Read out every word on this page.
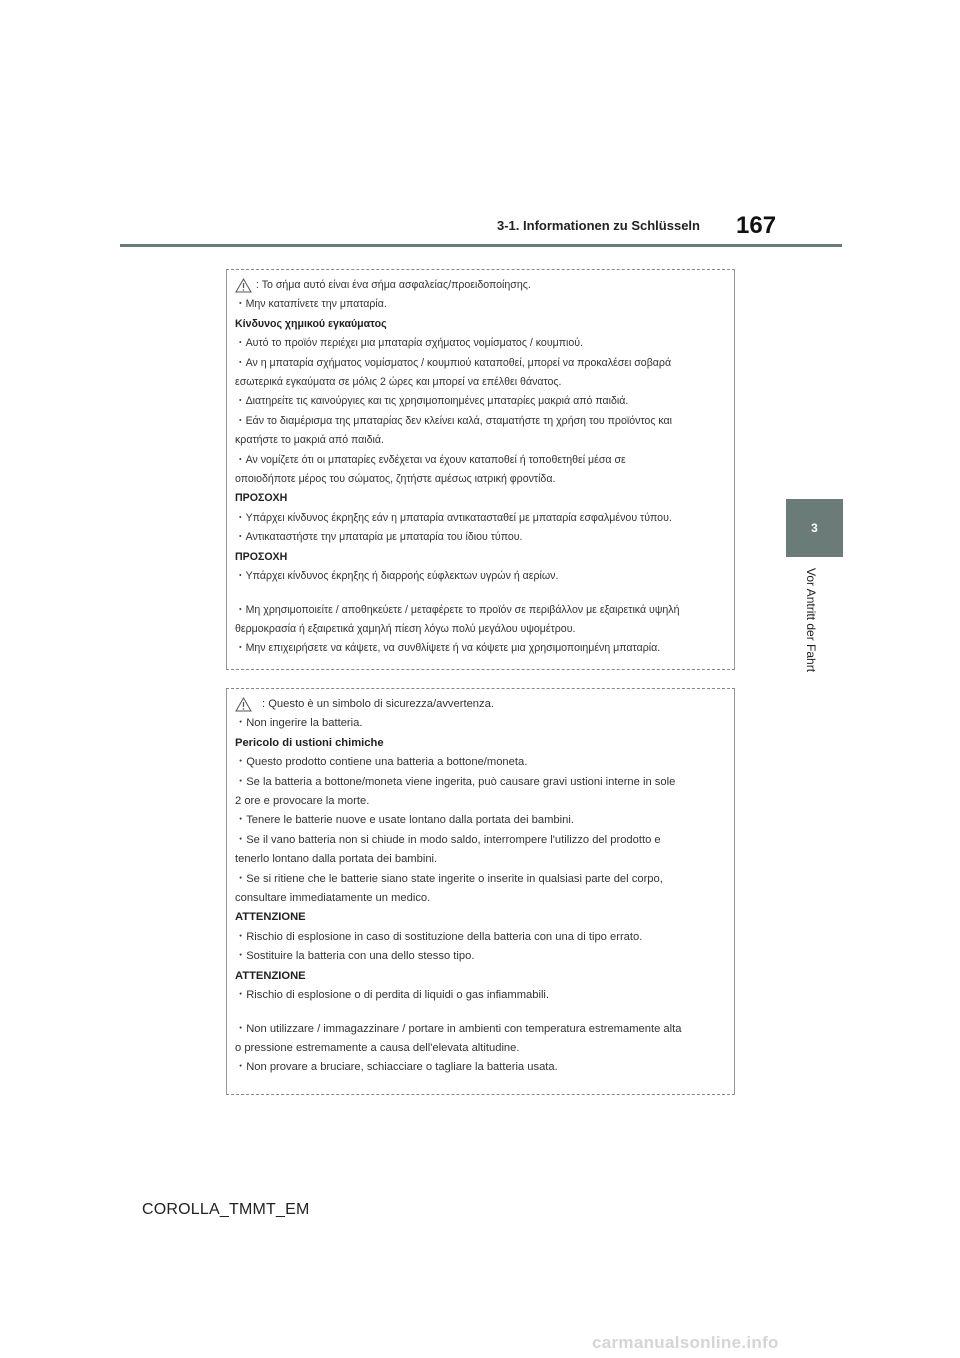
3-1. Informationen zu Schlüsseln 167
3
Vor Antritt der Fahrt
: Το σήμα αυτό είναι ένα σήμα ασφαλείας/προειδοποίησης.
・Μην καταπίνετε την μπαταρία.
Κίνδυνος χημικού εγκαύματος
・Αυτό το προϊόν περιέχει μια μπαταρία σχήματος νομίσματος / κουμπιού.
・Αν η μπαταρία σχήματος νομίσματος / κουμπιού καταποθεί, μπορεί να προκαλέσει σοβαρά
εσωτερικά εγκαύματα σε μόλις 2 ώρες και μπορεί να επέλθει θάνατος.
・Διατηρείτε τις καινούργιες και τις χρησιμοποιημένες μπαταρίες μακριά από παιδιά.
・Εάν το διαμέρισμα της μπαταρίας δεν κλείνει καλά, σταματήστε τη χρήση του προϊόντος και
κρατήστε το μακριά από παιδιά.
・Αν νομίζετε ότι οι μπαταρίες ενδέχεται να έχουν καταποθεί ή τοποθετηθεί μέσα σε
οποιοδήποτε μέρος του σώματος, ζητήστε αμέσως ιατρική φροντίδα.
ΠΡΟΣΟΧΗ
・Υπάρχει κίνδυνος έκρηξης εάν η μπαταρία αντικατασταθεί με μπαταρία εσφαλμένου τύπου.
・Αντικαταστήστε την μπαταρία με μπαταρία του ίδιου τύπου.
ΠΡΟΣΟΧΗ
・Υπάρχει κίνδυνος έκρηξης ή διαρροής εύφλεκτων υγρών ή αερίων.
・Μη χρησιμοποιείτε / αποθηκεύετε / μεταφέρετε το προϊόν σε περιβάλλον με εξαιρετικά υψηλή
θερμοκρασία ή εξαιρετικά χαμηλή πίεση λόγω πολύ μεγάλου υψομέτρου.
・Μην επιχειρήσετε να κάψετε, να συνθλίψετε ή να κόψετε μια χρησιμοποιημένη μπαταρία.
: Questo è un simbolo di sicurezza/avvertenza.
・Non ingerire la batteria.
Pericolo di ustioni chimiche
・Questo prodotto contiene una batteria a bottone/moneta.
・Se la batteria a bottone/moneta viene ingerita, può causare gravi ustioni interne in sole
2 ore e provocare la morte.
・Tenere le batterie nuove e usate lontano dalla portata dei bambini.
・Se il vano batteria non si chiude in modo saldo, interrompere l'utilizzo del prodotto e
tenerlo lontano dalla portata dei bambini.
・Se si ritiene che le batterie siano state ingerite o inserite in qualsiasi parte del corpo,
consultare immediatamente un medico.
ATTENZIONE
・Rischio di esplosione in caso di sostituzione della batteria con una di tipo errato.
・Sostituire la batteria con una dello stesso tipo.
ATTENZIONE
・Rischio di esplosione o di perdita di liquidi o gas infiammabili.
・Non utilizzare / immagazzinare / portare in ambienti con temperatura estremamente alta
o pressione estremamente a causa dell'elevata altitudine.
・Non provare a bruciare, schiacciare o tagliare la batteria usata.
COROLLA_TMMT_EM
carmanualsonline.info
